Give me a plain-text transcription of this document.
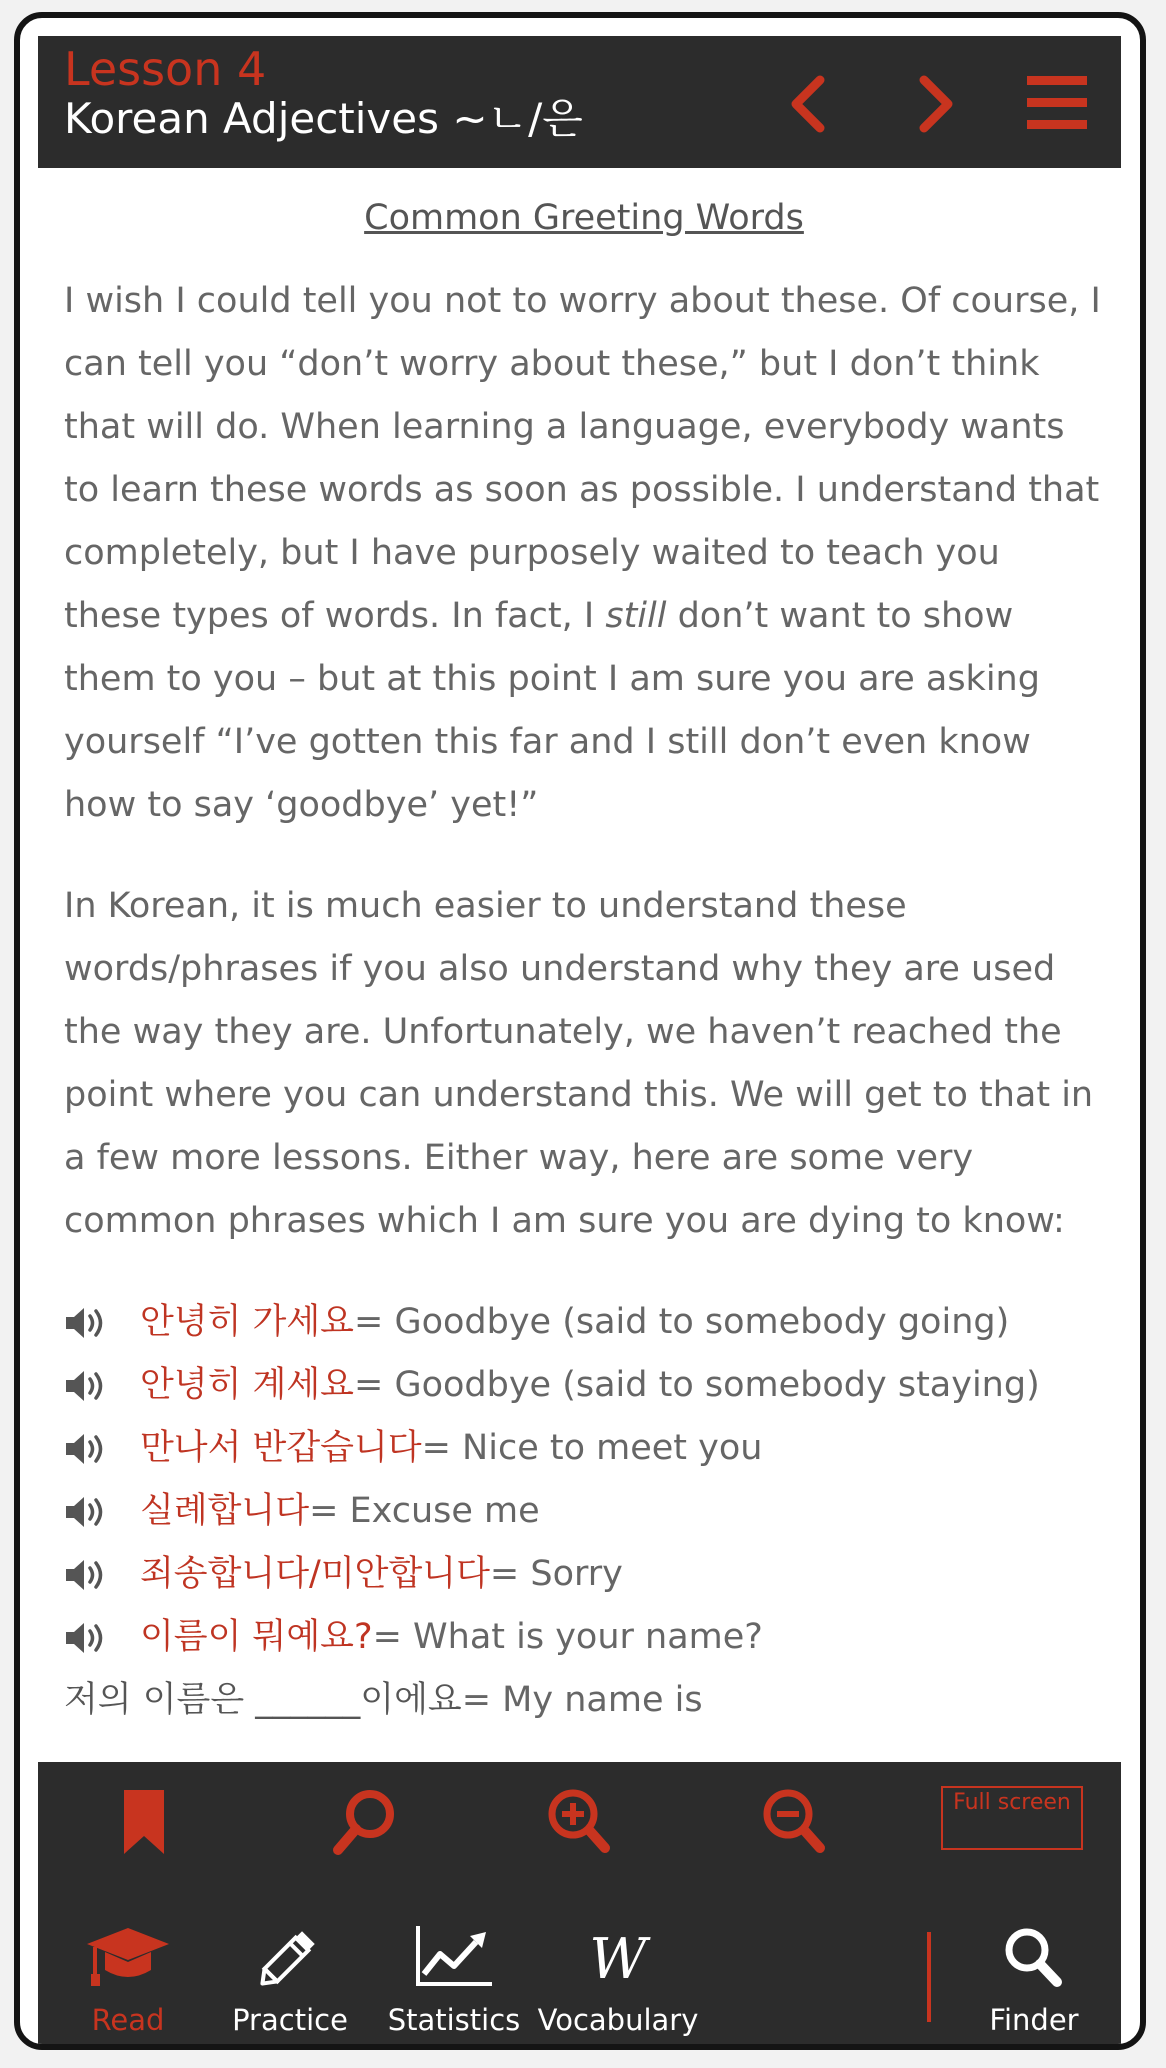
Lesson 4
Korean Adjectives ~ㄴ/은
Common Greeting Words

I wish I could tell you not to worry about these. Of course, I can tell you “don’t worry about these,” but I don’t think that will do. When learning a language, everybody wants to learn these words as soon as possible. I understand that completely, but I have purposely waited to teach you these types of words. In fact, I still don’t want to show them to you – but at this point I am sure you are asking yourself “I’ve gotten this far and I still don’t even know how to say ‘goodbye’ yet!”

In Korean, it is much easier to understand these words/phrases if you also understand why they are used the way they are. Unfortunately, we haven’t reached the point where you can understand this. We will get to that in a few more lessons. Either way, here are some very common phrases which I am sure you are dying to know:

안녕히 가세요 = Goodbye (said to somebody going)
안녕히 계세요 = Goodbye (said to somebody staying)
만나서 반갑습니다 = Nice to meet you
실례합니다 = Excuse me
죄송합니다/미안합니다 = Sorry
이름이 뭐예요? = What is your name?
저의 이름은 ______이에요 = My name is
Full screen
Read	Practice	Statistics
W
Vocabulary	Finder
